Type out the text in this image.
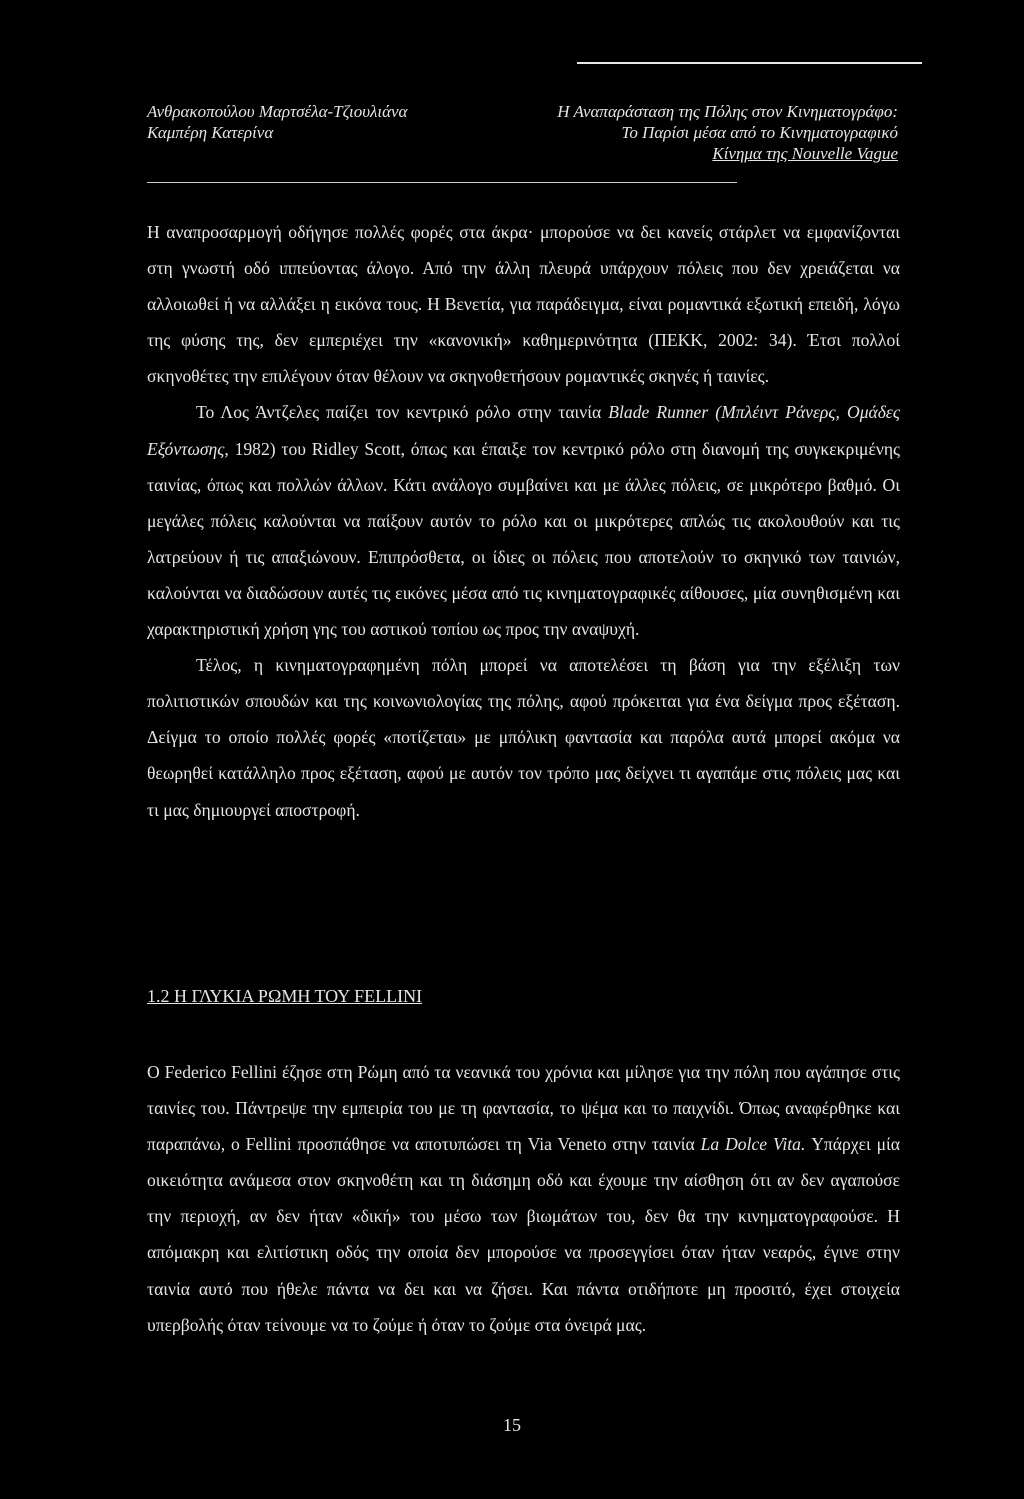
Ανθρακοπούλου Μαρτσέλα-Τζιουλιάνα
Καμπέρη Κατερίνα
Η Αναπαράσταση της Πόλης στον Κινηματογράφο:
Το Παρίσι μέσα από το Κινηματογραφικό
Κίνημα της Nouvelle Vague

Η αναπροσαρμογή οδήγησε πολλές φορές στα άκρα· μπορούσε να δει κανείς στάρλετ να εμφανίζονται στη γνωστή οδό ιππεύοντας άλογο. Από την άλλη πλευρά υπάρχουν πόλεις που δεν χρειάζεται να αλλοιωθεί ή να αλλάξει η εικόνα τους. Η Βενετία, για παράδειγμα, είναι ρομαντικά εξωτική επειδή, λόγω της φύσης της, δεν εμπεριέχει την «κανονική» καθημερινότητα (ΠΕΚΚ, 2002: 34). Έτσι πολλοί σκηνοθέτες την επιλέγουν όταν θέλουν να σκηνοθετήσουν ρομαντικές σκηνές ή ταινίες.

Το Λος Άντζελες παίζει τον κεντρικό ρόλο στην ταινία Blade Runner (Μπλέιντ Ράνερς, Ομάδες Εξόντωσης, 1982) του Ridley Scott, όπως και έπαιξε τον κεντρικό ρόλο στη διανομή της συγκεκριμένης ταινίας, όπως και πολλών άλλων. Κάτι ανάλογο συμβαίνει και με άλλες πόλεις, σε μικρότερο βαθμό. Οι μεγάλες πόλεις καλούνται να παίξουν αυτόν το ρόλο και οι μικρότερες απλώς τις ακολουθούν και τις λατρεύουν ή τις απαξιώνουν. Επιπρόσθετα, οι ίδιες οι πόλεις που αποτελούν το σκηνικό των ταινιών, καλούνται να διαδώσουν αυτές τις εικόνες μέσα από τις κινηματογραφικές αίθουσες, μία συνηθισμένη και χαρακτηριστική χρήση γης του αστικού τοπίου ως προς την αναψυχή.

Τέλος, η κινηματογραφημένη πόλη μπορεί να αποτελέσει τη βάση για την εξέλιξη των πολιτιστικών σπουδών και της κοινωνιολογίας της πόλης, αφού πρόκειται για ένα δείγμα προς εξέταση. Δείγμα το οποίο πολλές φορές «ποτίζεται» με μπόλικη φαντασία και παρόλα αυτά μπορεί ακόμα να θεωρηθεί κατάλληλο προς εξέταση, αφού με αυτόν τον τρόπο μας δείχνει τι αγαπάμε στις πόλεις μας και τι μας δημιουργεί αποστροφή.

1.2 Η ΓΛΥΚΙΑ ΡΩΜΗ ΤΟΥ FELLINI

Ο Federico Fellini έζησε στη Ρώμη από τα νεανικά του χρόνια και μίλησε για την πόλη που αγάπησε στις ταινίες του. Πάντρεψε την εμπειρία του με τη φαντασία, το ψέμα και το παιχνίδι. Όπως αναφέρθηκε και παραπάνω, ο Fellini προσπάθησε να αποτυπώσει τη Via Veneto στην ταινία La Dolce Vita. Υπάρχει μία οικειότητα ανάμεσα στον σκηνοθέτη και τη διάσημη οδό και έχουμε την αίσθηση ότι αν δεν αγαπούσε την περιοχή, αν δεν ήταν «δική» του μέσω των βιωμάτων του, δεν θα την κινηματογραφούσε. Η απόμακρη και ελιτίστικη οδός την οποία δεν μπορούσε να προσεγγίσει όταν ήταν νεαρός, έγινε στην ταινία αυτό που ήθελε πάντα να δει και να ζήσει. Και πάντα οτιδήποτε μη προσιτό, έχει στοιχεία υπερβολής όταν τείνουμε να το ζούμε ή όταν το ζούμε στα όνειρά μας.

15
